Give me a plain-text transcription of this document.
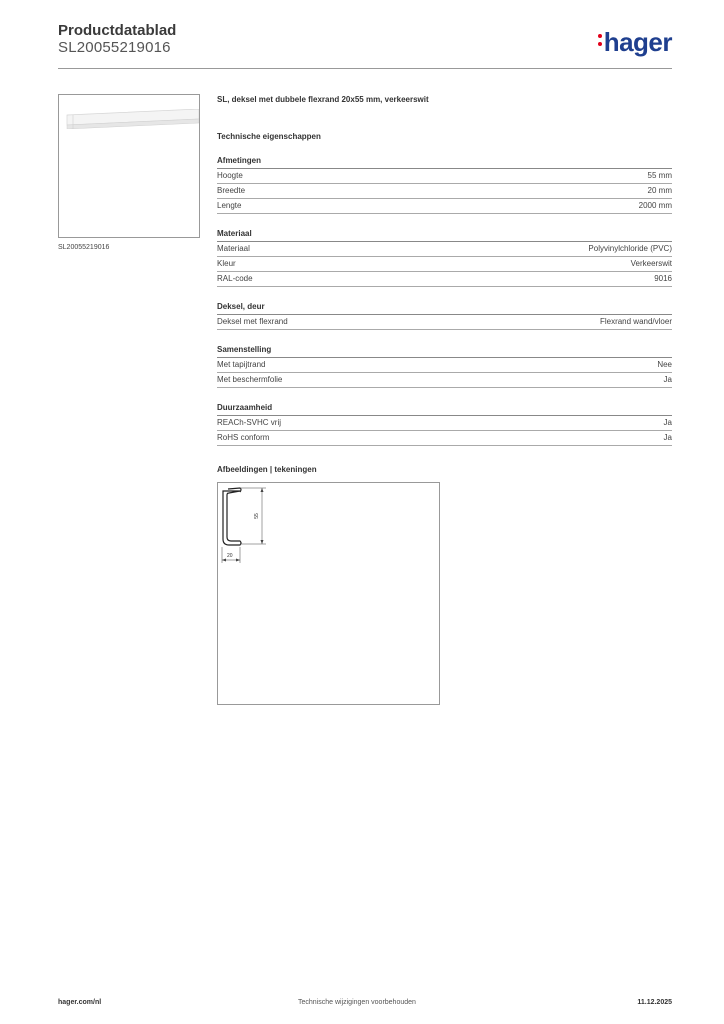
Productdatablad
SL20055219016	hager
SL20055219016
SL, deksel met dubbele flexrand 20x55 mm, verkeerswit
Technische eigenschappen
Afmetingen
Hoogte	55 mm
Breedte	20 mm
Lengte	2000 mm
Materiaal
Materiaal	Polyvinylchloride (PVC)
Kleur	Verkeerswit
RAL-code	9016
Deksel, deur
Deksel met flexrand	Flexrand wand/vloer
Samenstelling
Met tapijtrand	Nee
Met beschermfolie	Ja
Duurzaamheid
REACh-SVHC vrij	Ja
RoHS conform	Ja
Afbeeldingen | tekeningen
55
20
hager.com/nl	Technische wijzigingen voorbehouden	11.12.2025
